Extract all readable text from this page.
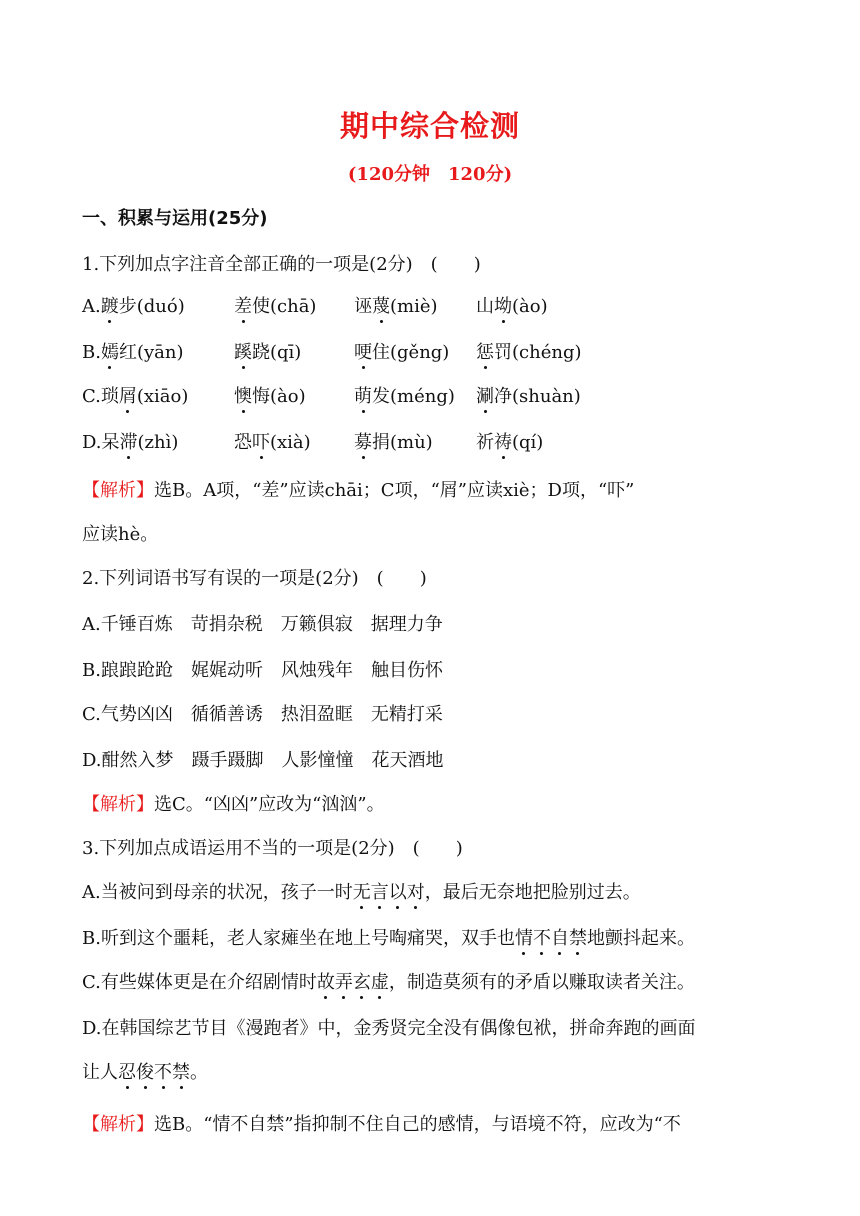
期中综合检测
(120分钟　120分)
一、积累与运用(25分)
1.下列加点字注音全部正确的一项是(2分)　(　　)
A.踱步(duó)	差使(chā) 诬蔑(miè) 山坳(ào)
B.嫣红(yān)	蹊跷(qī)	哽住(gěng) 惩罚(chéng)
C.琐屑(xiāo)	懊悔(ào)	萌发(méng) 涮净(shuàn)
D.呆滞(zhì)	恐吓(xià) 募捐(mù) 祈祷(qí)
【解析】选B。A项，“差”应读chāi；C项，“屑”应读xiè；D项，“吓”
应读hè。
2.下列词语书写有误的一项是(2分)　(　　)
A.千锤百炼　苛捐杂税　万籁俱寂　据理力争
B.踉踉跄跄　娓娓动听　风烛残年　触目伤怀
C.气势凶凶　循循善诱　热泪盈眶　无精打采
D.酣然入梦　蹑手蹑脚　人影憧憧　花天酒地
【解析】选C。“凶凶”应改为“汹汹”。
3.下列加点成语运用不当的一项是(2分)　(　　)
A.当被问到母亲的状况，孩子一时无言以对，最后无奈地把脸别过去。
B.听到这个噩耗，老人家瘫坐在地上号啕痛哭，双手也情不自禁地颤抖起来。
C.有些媒体更是在介绍剧情时故弄玄虚，制造莫须有的矛盾以赚取读者关注。
D.在韩国综艺节目《漫跑者》中，金秀贤完全没有偶像包袱，拼命奔跑的画面
让人忍俊不禁。
【解析】选B。“情不自禁”指抑制不住自己的感情，与语境不符，应改为“不
